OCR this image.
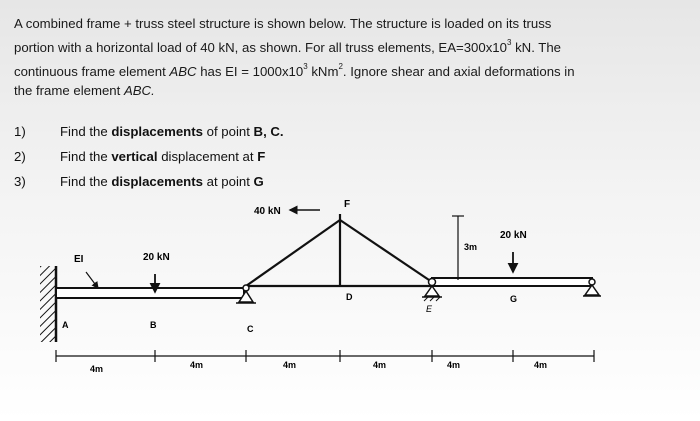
A combined frame + truss steel structure is shown below. The structure is loaded on its truss
portion with a horizontal load of 40 kN, as shown. For all truss elements, $EA=300x10^3$ kN. The
continuous frame element ABC has EI = $1000x10^3$ kNm$^2$. Ignore shear and axial deformations in
the frame element ABC.
1)	Find the displacements of point B, C.
2)	Find the vertical displacement at F
3)	Find the displacements at point G
40 kN
F
20 kN
20 kN
EI
3m
D
E
G
A	B	C
4m	4m	4m	4m	4m	4m
